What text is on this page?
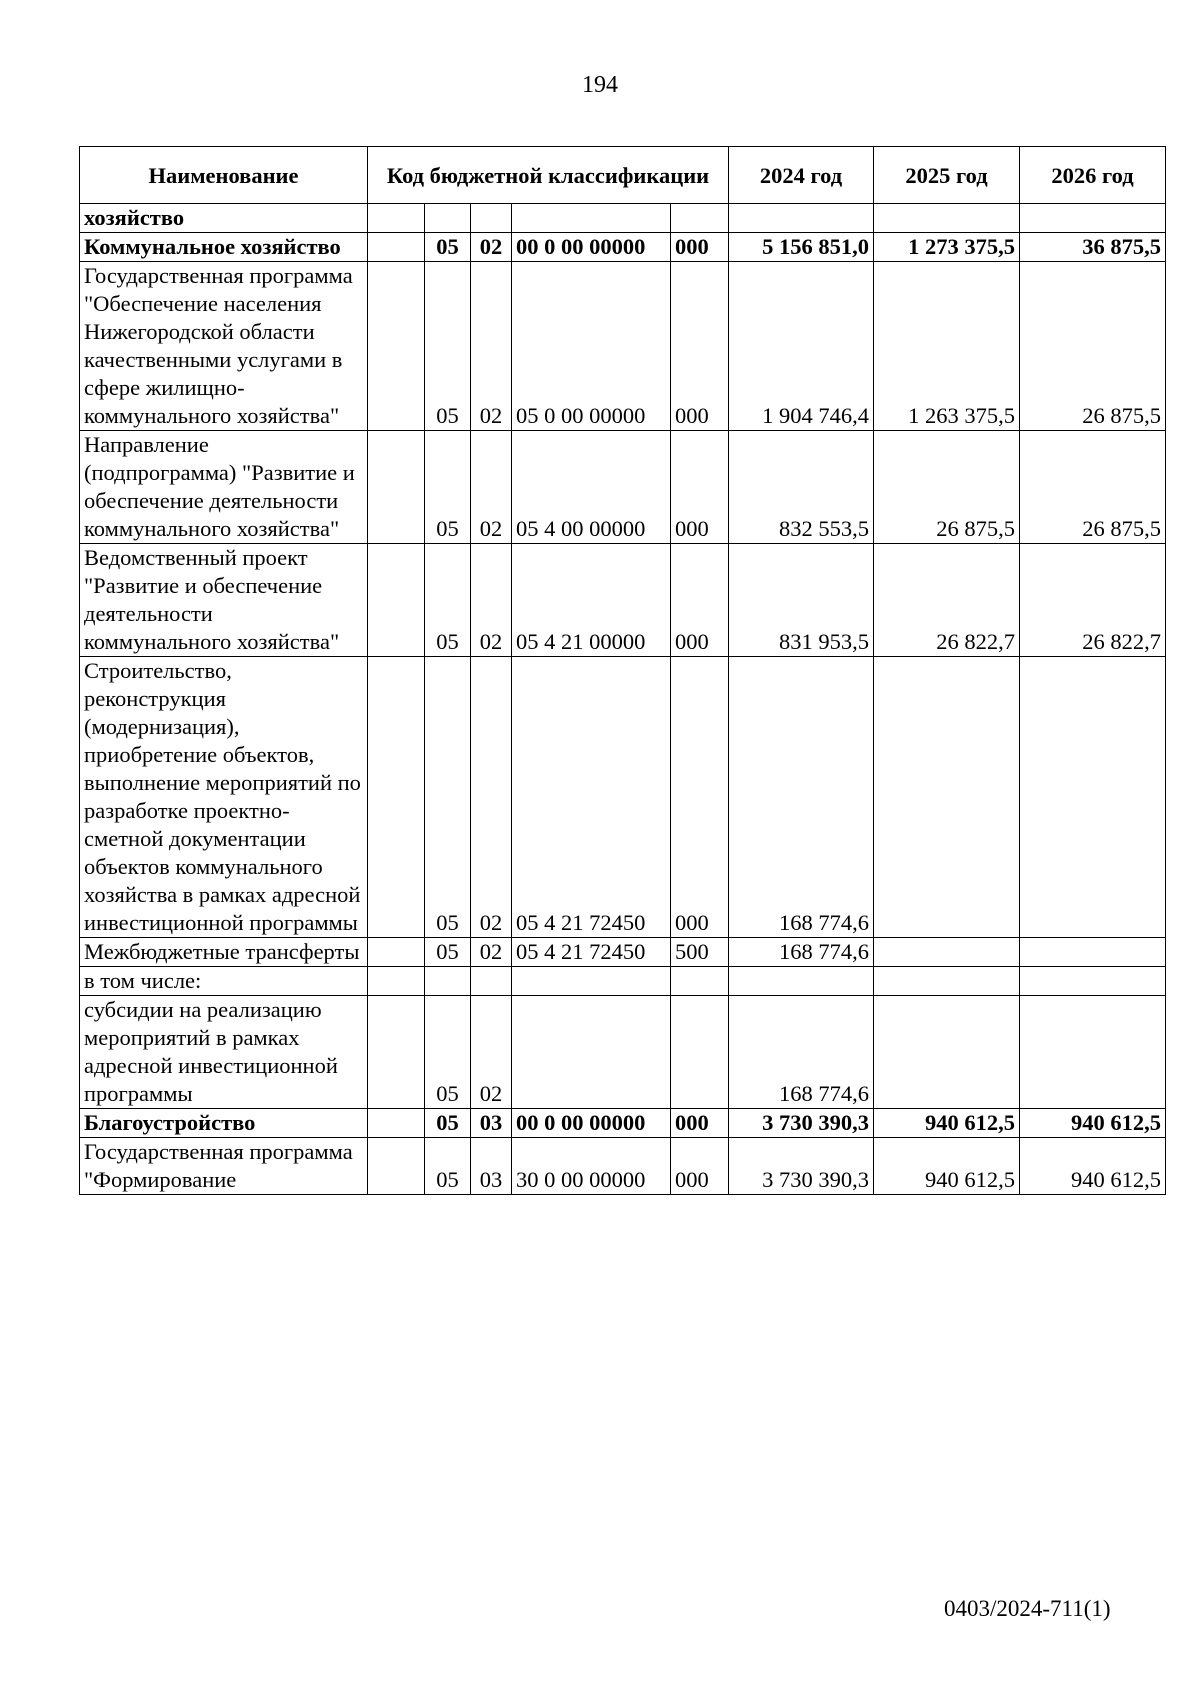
194
Наименование	Код бюджетной классификации					2024 год	2025 год	2026 год
хозяйство								
Коммунальное хозяйство		05	02	00 0 00 00000	000	5 156 851,0	1 273 375,5	36 875,5
Государственная программа "Обеспечение населения Нижегородской области качественными услугами в сфере жилищно-коммунального хозяйства"		05	02	05 0 00 00000	000	1 904 746,4	1 263 375,5	26 875,5
Направление (подпрограмма) "Развитие и обеспечение деятельности коммунального хозяйства"		05	02	05 4 00 00000	000	832 553,5	26 875,5	26 875,5
Ведомственный проект "Развитие и обеспечение деятельности коммунального хозяйства"		05	02	05 4 21 00000	000	831 953,5	26 822,7	26 822,7
Строительство, реконструкция (модернизация), приобретение объектов, выполнение мероприятий по разработке проектно-сметной документации объектов коммунального хозяйства в рамках адресной инвестиционной программы		05	02	05 4 21 72450	000	168 774,6		
Межбюджетные трансферты		05	02	05 4 21 72450	500	168 774,6		
в том числе:								
субсидии на реализацию мероприятий в рамках адресной инвестиционной программы		05	02			168 774,6		
Благоустройство		05	03	00 0 00 00000	000	3 730 390,3	940 612,5	940 612,5
Государственная программа "Формирование		05	03	30 0 00 00000	000	3 730 390,3	940 612,5	940 612,5
0403/2024-711(1)
